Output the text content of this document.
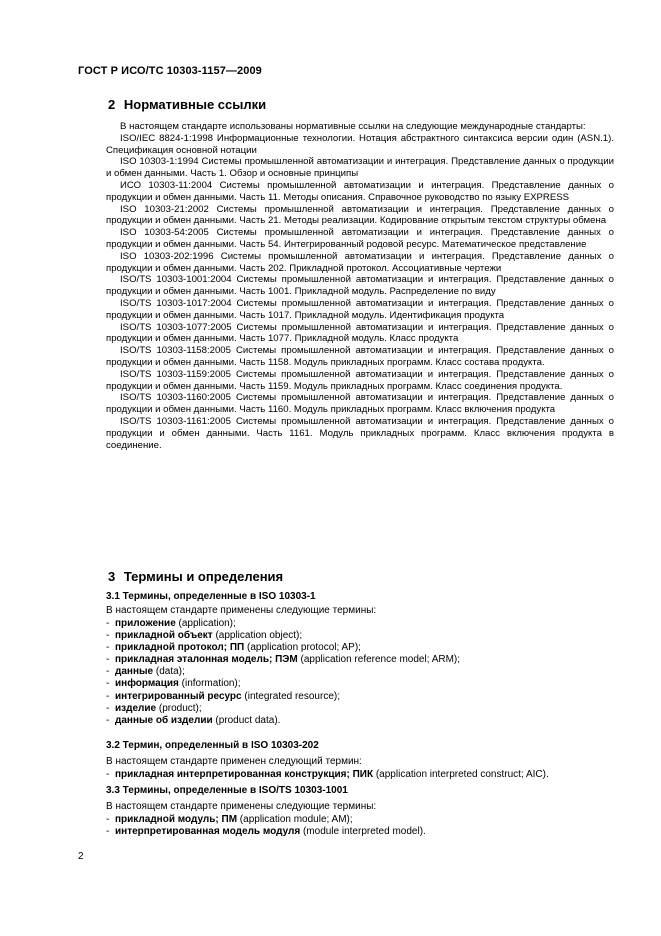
ГОСТ Р ИСО/ТС 10303-1157—2009
2 Нормативные ссылки

В настоящем стандарте использованы нормативные ссылки на следующие международные стандарты:

ISO/IEC 8824-1:1998 Информационные технологии. Нотация абстрактного синтаксиса версии один (ASN.1). Спецификация основной нотации

ISO 10303-1:1994 Системы промышленной автоматизации и интеграция. Представление данных о продукции и обмен данными. Часть 1. Обзор и основные принципы

ИСО 10303-11:2004 Системы промышленной автоматизации и интеграция. Представление данных о продукции и обмен данными. Часть 11. Методы описания. Справочное руководство по языку EXPRESS

ISO 10303-21:2002 Системы промышленной автоматизации и интеграция. Представление данных о продукции и обмен данными. Часть 21. Методы реализации. Кодирование открытым текстом структуры обмена

ISO 10303-54:2005 Системы промышленной автоматизации и интеграция. Представление данных о продукции и обмен данными. Часть 54. Интегрированный родовой ресурс. Математическое представление

ISO 10303-202:1996 Системы промышленной автоматизации и интеграция. Представление данных о продукции и обмен данными. Часть 202. Прикладной протокол. Ассоциативные чертежи

ISO/TS 10303-1001:2004 Системы промышленной автоматизации и интеграция. Представление данных о продукции и обмен данными. Часть 1001. Прикладной модуль. Распределение по виду

ISO/TS 10303-1017:2004 Системы промышленной автоматизации и интеграция. Представление данных о продукции и обмен данными. Часть 1017. Прикладной модуль. Идентификация продукта

ISO/TS 10303-1077:2005 Системы промышленной автоматизации и интеграция. Представление данных о продукции и обмен данными. Часть 1077. Прикладной модуль. Класс продукта

ISO/TS 10303-1158:2005 Системы промышленной автоматизации и интеграция. Представление данных о продукции и обмен данными. Часть 1158. Модуль прикладных программ. Класс состава продукта.

ISO/TS 10303-1159:2005 Системы промышленной автоматизации и интеграция. Представление данных о продукции и обмен данными. Часть 1159. Модуль прикладных программ. Класс соединения продукта.

ISO/TS 10303-1160:2005 Системы промышленной автоматизации и интеграция. Представление данных о продукции и обмен данными. Часть 1160. Модуль прикладных программ. Класс включения продукта

ISO/TS 10303-1161:2005 Системы промышленной автоматизации и интеграция. Представление данных о продукции и обмен данными. Часть 1161. Модуль прикладных программ. Класс включения продукта в соединение.

3 Термины и определения
3.1 Термины, определенные в ISO 10303-1
В настоящем стандарте применены следующие термины:
- приложение (application);
- прикладной объект (application object);
- прикладной протокол; ПП (application protocol; AP);
- прикладная эталонная модель; ПЭМ (application reference model; ARM);
- данные (data);
- информация (information);
- интегрированный ресурс (integrated resource);
- изделие (product);
- данные об изделии (product data).
3.2 Термин, определенный в ISO 10303-202
В настоящем стандарте применен следующий термин:
- прикладная интерпретированная конструкция; ПИК (application interpreted construct; AIC).
3.3 Термины, определенные в ISO/TS 10303-1001
В настоящем стандарте применены следующие термины:
- прикладной модуль; ПМ (application module; AM);
- интерпретированная модель модуля (module interpreted model).
2
